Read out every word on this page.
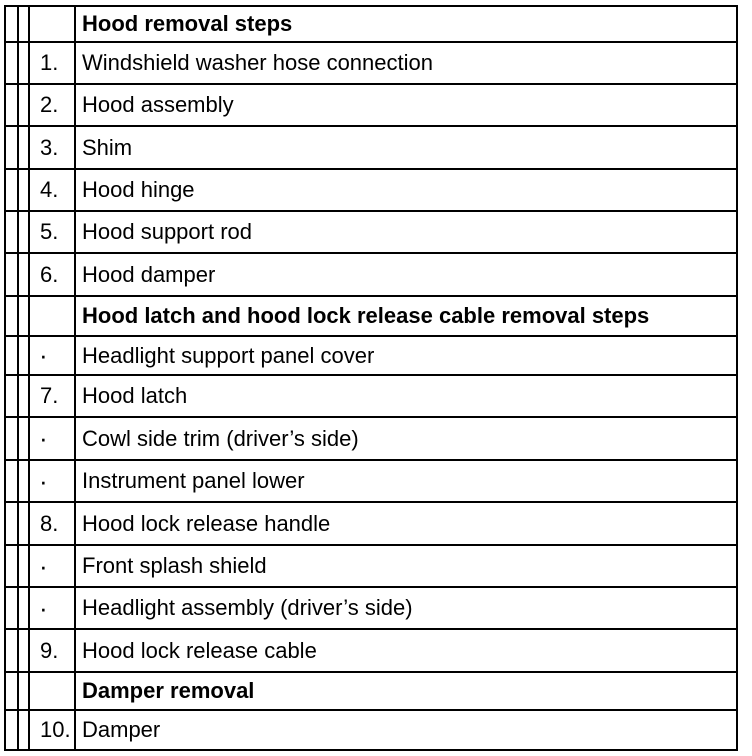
Hood removal steps
1.	Windshield washer hose connection
2.	Hood assembly
3.	Shim
4.	Hood hinge
5.	Hood support rod
6.	Hood damper
Hood latch and hood lock release cable removal steps
·	Headlight support panel cover
7.	Hood latch
·	Cowl side trim (driver’s side)
·	Instrument panel lower
8.	Hood lock release handle
·	Front splash shield
·	Headlight assembly (driver’s side)
9.	Hood lock release cable
Damper removal
10. Damper
